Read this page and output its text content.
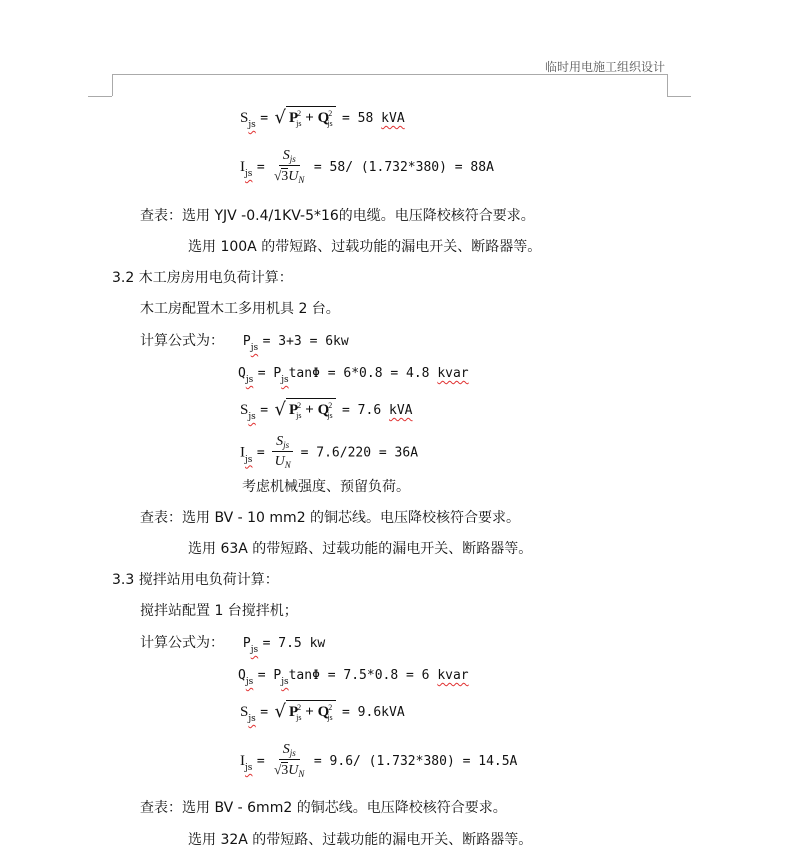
临时用电施工组织设计
$S_{js}$ = √ $P^2_{js} + Q^2_{js} = 58$ kVA
$I_{js} = \frac{S_{js}}{√3U_N} = 58/$ (1.732*380) = 88A
查表：选用 YJV -0.4/1KV-5*16的电缆。电压降校核符合要求。
选用 100A 的带短路、过载功能的漏电开关、断路器等。
3.2 木工房房用电负荷计算：
木工房配置木工多用机具 2 台。
计算公式为： $P_{js} = 3+3 = 6kw$
$Q_{js} = P_{js}\tan\Phi = 6*0.8 = 4.8$ kvar
$S_{js}$ = √ $P^2_{js} + Q^2_{js} = 7.6$ kVA
$I_{js} = \frac{S_{js}}{U_N} = 7.6/220 = 36A$
考虑机械强度、预留负荷。
查表：选用 BV - 10 mm2 的铜芯线。电压降校核符合要求。
选用 63A 的带短路、过载功能的漏电开关、断路器等。
3.3 搅拌站用电负荷计算：
搅拌站配置 1 台搅拌机；
计算公式为： $P_{js} = 7.5$ kw
$Q_{js} = P_{js}\tan\Phi = 7.5*0.8 = 6$ kvar
$S_{js}$ = √ $P^2_{js} + Q^2_{js} = 9.6kVA$
$I_{js} = \frac{S_{js}}{√3U_N} = 9.6/$ (1.732*380) = 14.5A
查表：选用 BV - 6mm2 的铜芯线。电压降校核符合要求。
选用 32A 的带短路、过载功能的漏电开关、断路器等。
